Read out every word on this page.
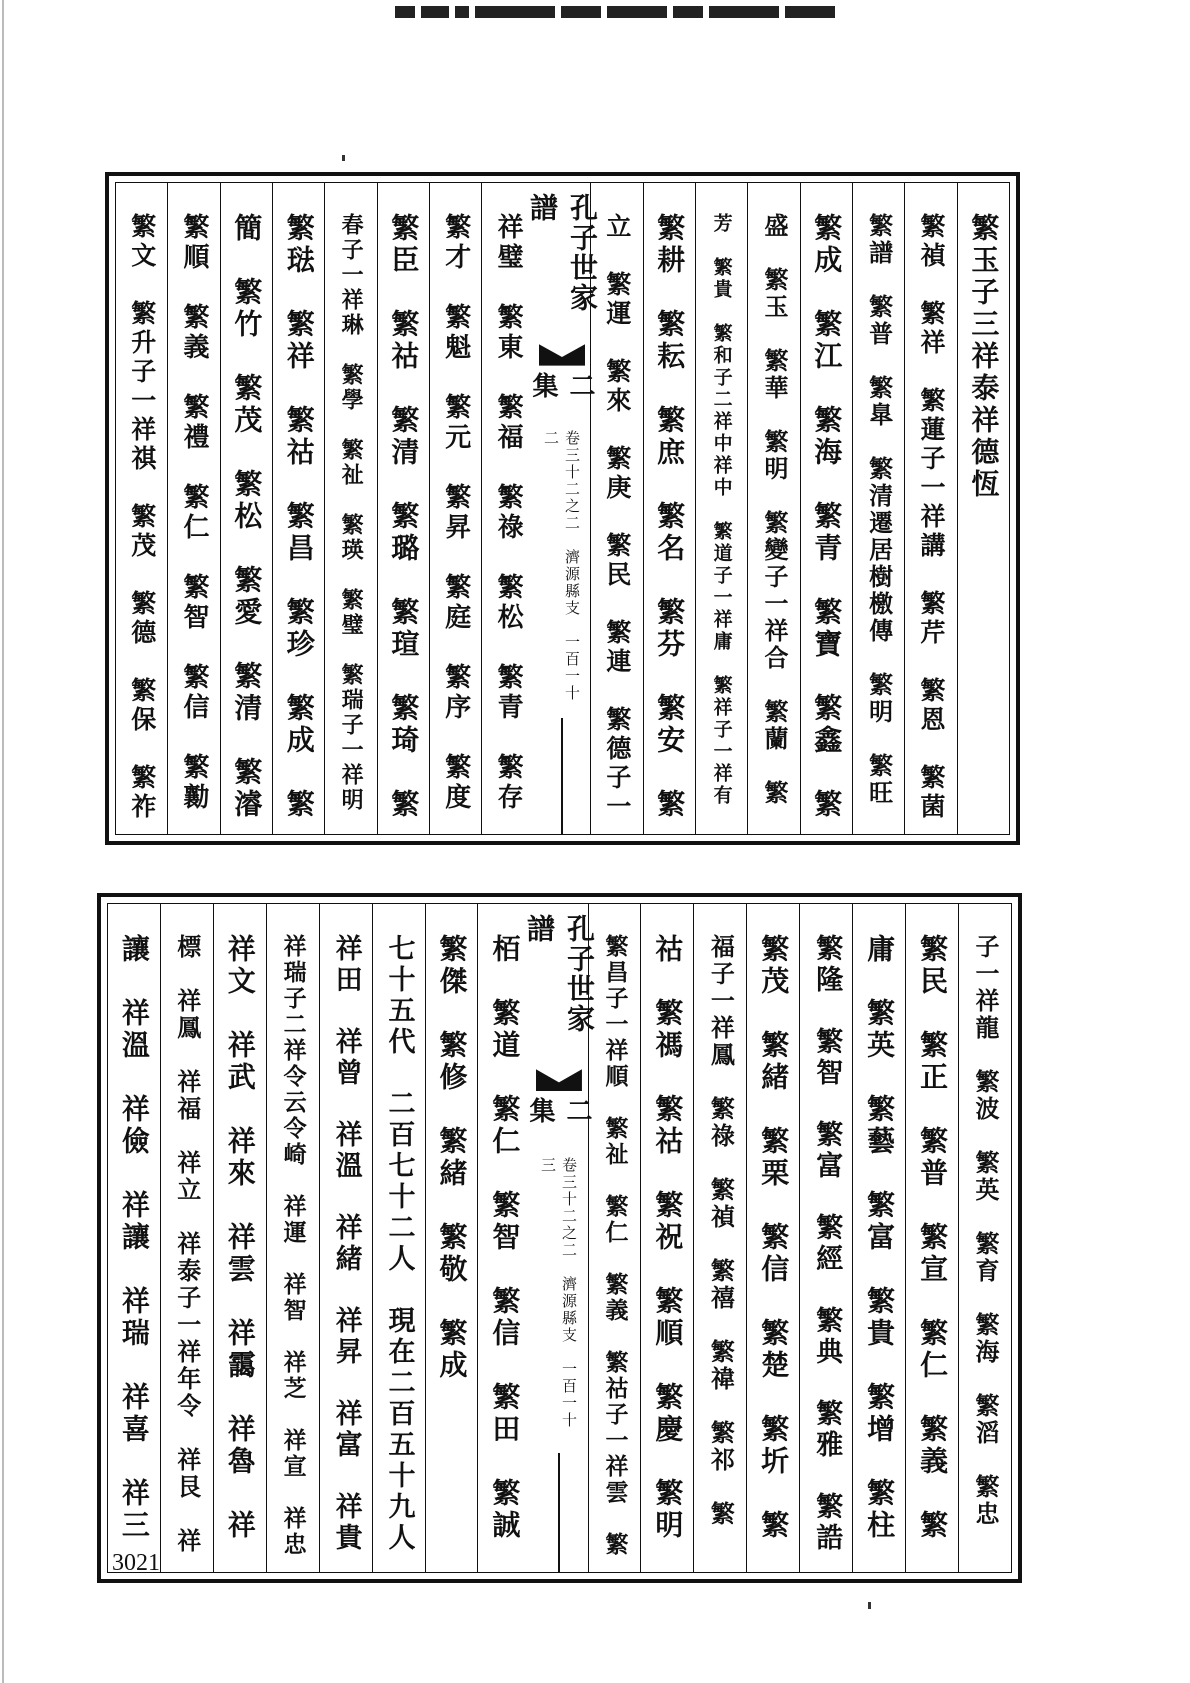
繁玉子三祥泰祥德恆
繁禎　繁祥　繁蓮子一祥講　繁芹　繁恩　繁菌
繁譜　繁普　繁臯　繁清遷居樹檄傳　繁明　繁旺
繁成　繁江　繁海　繁青　繁寶　繁鑫　繁
盛　繁玉　繁華　繁明　繁變子一祥合　繁蘭　繁
芳　繁貴　繁和子二祥中祥中　繁道子一祥庸　繁祥子一祥有
繁耕　繁耘　繁庶　繁名　繁芬　繁安　繁
立　繁運　繁來　繁庚　繁民　繁連　繁德子一
孔子世家譜
二集
卷三十二之二　濟源縣支　一百一十二
祥璧　繁東　繁福　繁祿　繁松　繁青　繁存
繁才　繁魁　繁元　繁昇　繁庭　繁序　繁度
繁臣　繁祜　繁清　繁璐　繁瑄　繁琦　繁
春子一祥琳　繁學　繁祉　繁瑛　繁璧　繁瑞子一祥明
繁琺　繁祥　繁祜　繁昌　繁珍　繁成　繁
簡　繁竹　繁茂　繁松　繁愛　繁清　繁濬
繁順　繁義　繁禮　繁仁　繁智　繁信　繁勷
繁文　繁升子一祥祺　繁茂　繁德　繁保　繁祚
子一祥龍　繁波　繁英　繁育　繁海　繁滔　繁忠
繁民　繁正　繁普　繁宣　繁仁　繁義　繁
庸　繁英　繁藝　繁富　繁貴　繁增　繁柱
繁隆　繁智　繁富　繁經　繁典　繁雅　繁誥
繁茂　繁緒　繁栗　繁信　繁楚　繁圻　繁
福子一祥鳳　繁祿　繁禎　繁禧　繁禕　繁祁　繁
祜　繁禡　繁祜　繁祝　繁順　繁慶　繁明
繁昌子一祥順　繁祉　繁仁　繁義　繁祜子一祥雲　繁
孔子世家譜
二集
卷三十二之二　濟源縣支　一百一十三
栢　繁道　繁仁　繁智　繁信　繁田　繁誠
繁傑　繁修　繁緒　繁敬　繁成
七十五代　二百七十二人　現在二百五十九人
祥田　祥曾　祥溫　祥緒　祥昇　祥富　祥貴
祥瑞子二祥令云令崎　祥運　祥智　祥芝　祥宣　祥忠
祥文　祥武　祥來　祥雲　祥靄　祥魯　祥
標　祥鳳　祥福　祥立　祥泰子一祥年令　祥艮　祥
讓　祥溫　祥儉　祥讓　祥瑞　祥喜　祥三
3021
